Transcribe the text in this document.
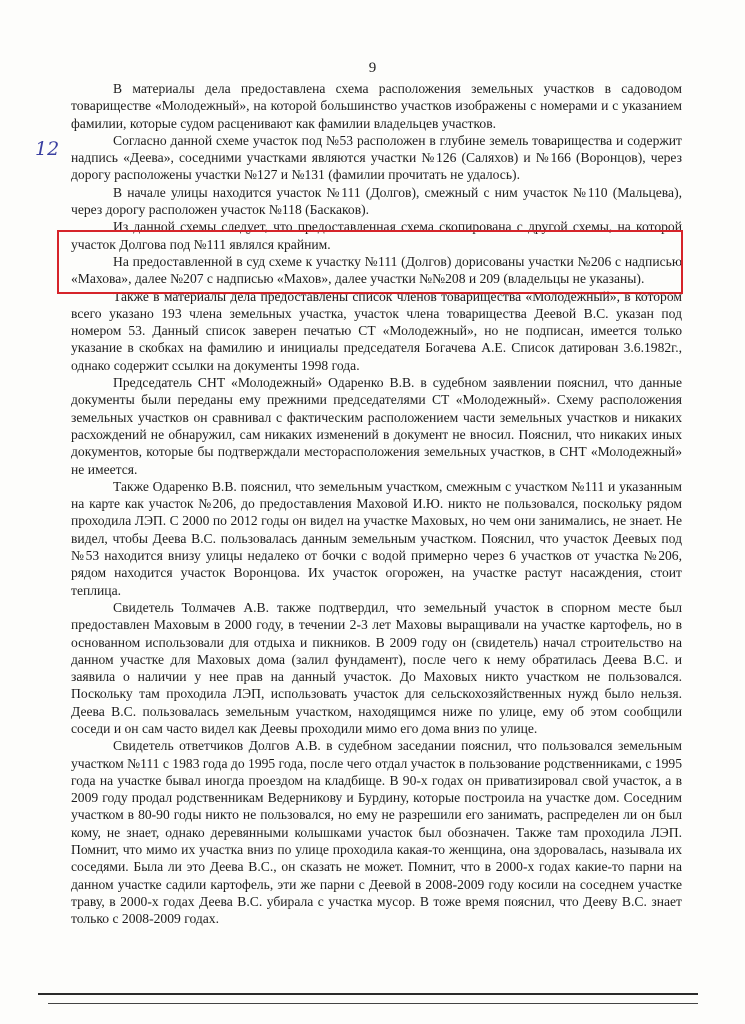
9
12

В материалы дела предоставлена схема расположения земельных участков в садоводом товариществе «Молодежный», на которой большинство участков изображены с номерами и с указанием фамилии, которые судом расценивают как фамилии владельцев участков.

Согласно данной схеме участок под №53 расположен в глубине земель товарищества и содержит надпись «Деева», соседними участками являются участки №126 (Саляхов) и №166 (Воронцов), через дорогу расположены участки №127 и №131 (фамилии прочитать не удалось).

В начале улицы находится участок №111 (Долгов), смежный с ним участок №110 (Мальцева), через дорогу расположен участок №118 (Баскаков).

Из данной схемы следует, что предоставленная схема скопирована с другой схемы, на которой участок Долгова под №111 являлся крайним.

На предоставленной в суд схеме к участку №111 (Долгов) дорисованы участки №206 с надписью «Махова», далее №207 с надписью «Махов», далее участки №№208 и 209 (владельцы не указаны).

Также в материалы дела предоставлены список членов товарищества «Молодежный», в котором всего указано 193 члена земельных участка, участок члена товарищества Деевой В.С. указан под номером 53. Данный список заверен печатью СТ «Молодежный», но не подписан, имеется только указание в скобках на фамилию и инициалы председателя Богачева А.Е. Список датирован 3.6.1982г., однако содержит ссылки на документы 1998 года.

Председатель СНТ «Молодежный» Одаренко В.В. в судебном заявлении пояснил, что данные документы были переданы ему прежними председателями СТ «Молодежный». Схему расположения земельных участков он сравнивал с фактическим расположением части земельных участков и никаких расхождений не обнаружил, сам никаких изменений в документ не вносил. Пояснил, что никаких иных документов, которые бы подтверждали месторасположения земельных участков, в СНТ «Молодежный» не имеется.

Также Одаренко В.В. пояснил, что земельным участком, смежным с участком №111 и указанным на карте как участок №206, до предоставления Маховой И.Ю. никто не пользовался, поскольку рядом проходила ЛЭП. С 2000 по 2012 годы он видел на участке Маховых, но чем они занимались, не знает. Не видел, чтобы Деева В.С. пользовалась данным земельным участком. Пояснил, что участок Деевых под №53 находится внизу улицы недалеко от бочки с водой примерно через 6 участков от участка №206, рядом находится участок Воронцова. Их участок огорожен, на участке растут насаждения, стоит теплица.

Свидетель Толмачев А.В. также подтвердил, что земельный участок в спорном месте был предоставлен Маховым в 2000 году, в течении 2-3 лет Маховы выращивали на участке картофель, но в основанном использовали для отдыха и пикников. В 2009 году он (свидетель) начал строительство на данном участке для Маховых дома (залил фундамент), после чего к нему обратилась Деева В.С. и заявила о наличии у нее прав на данный участок. До Маховых никто участком не пользовался. Поскольку там проходила ЛЭП, использовать участок для сельскохозяйственных нужд было нельзя. Деева В.С. пользовалась земельным участком, находящимся ниже по улице, ему об этом сообщили соседи и он сам часто видел как Деевы проходили мимо его дома вниз по улице.

Свидетель ответчиков Долгов А.В. в судебном заседании пояснил, что пользовался земельным участком №111 с 1983 года до 1995 года, после чего отдал участок в пользование родственниками, с 1995 года на участке бывал иногда проездом на кладбище. В 90-х годах он приватизировал свой участок, а в 2009 году продал родственникам Ведерникову и Бурдину, которые построила на участке дом. Соседним участком в 80-90 годы никто не пользовался, но ему не разрешили его занимать, распределен ли он был кому, не знает, однако деревянными колышками участок был обозначен. Также там проходила ЛЭП. Помнит, что мимо их участка вниз по улице проходила какая-то женщина, она здоровалась, называла их соседями. Была ли это Деева В.С., он сказать не может. Помнит, что в 2000-х годах какие-то парни на данном участке садили картофель, эти же парни с Деевой в 2008-2009 году косили на соседнем участке траву, в 2000-х годах Деева В.С. убирала с участка мусор. В тоже время пояснил, что Дееву В.С. знает только с 2008-2009 годах.
